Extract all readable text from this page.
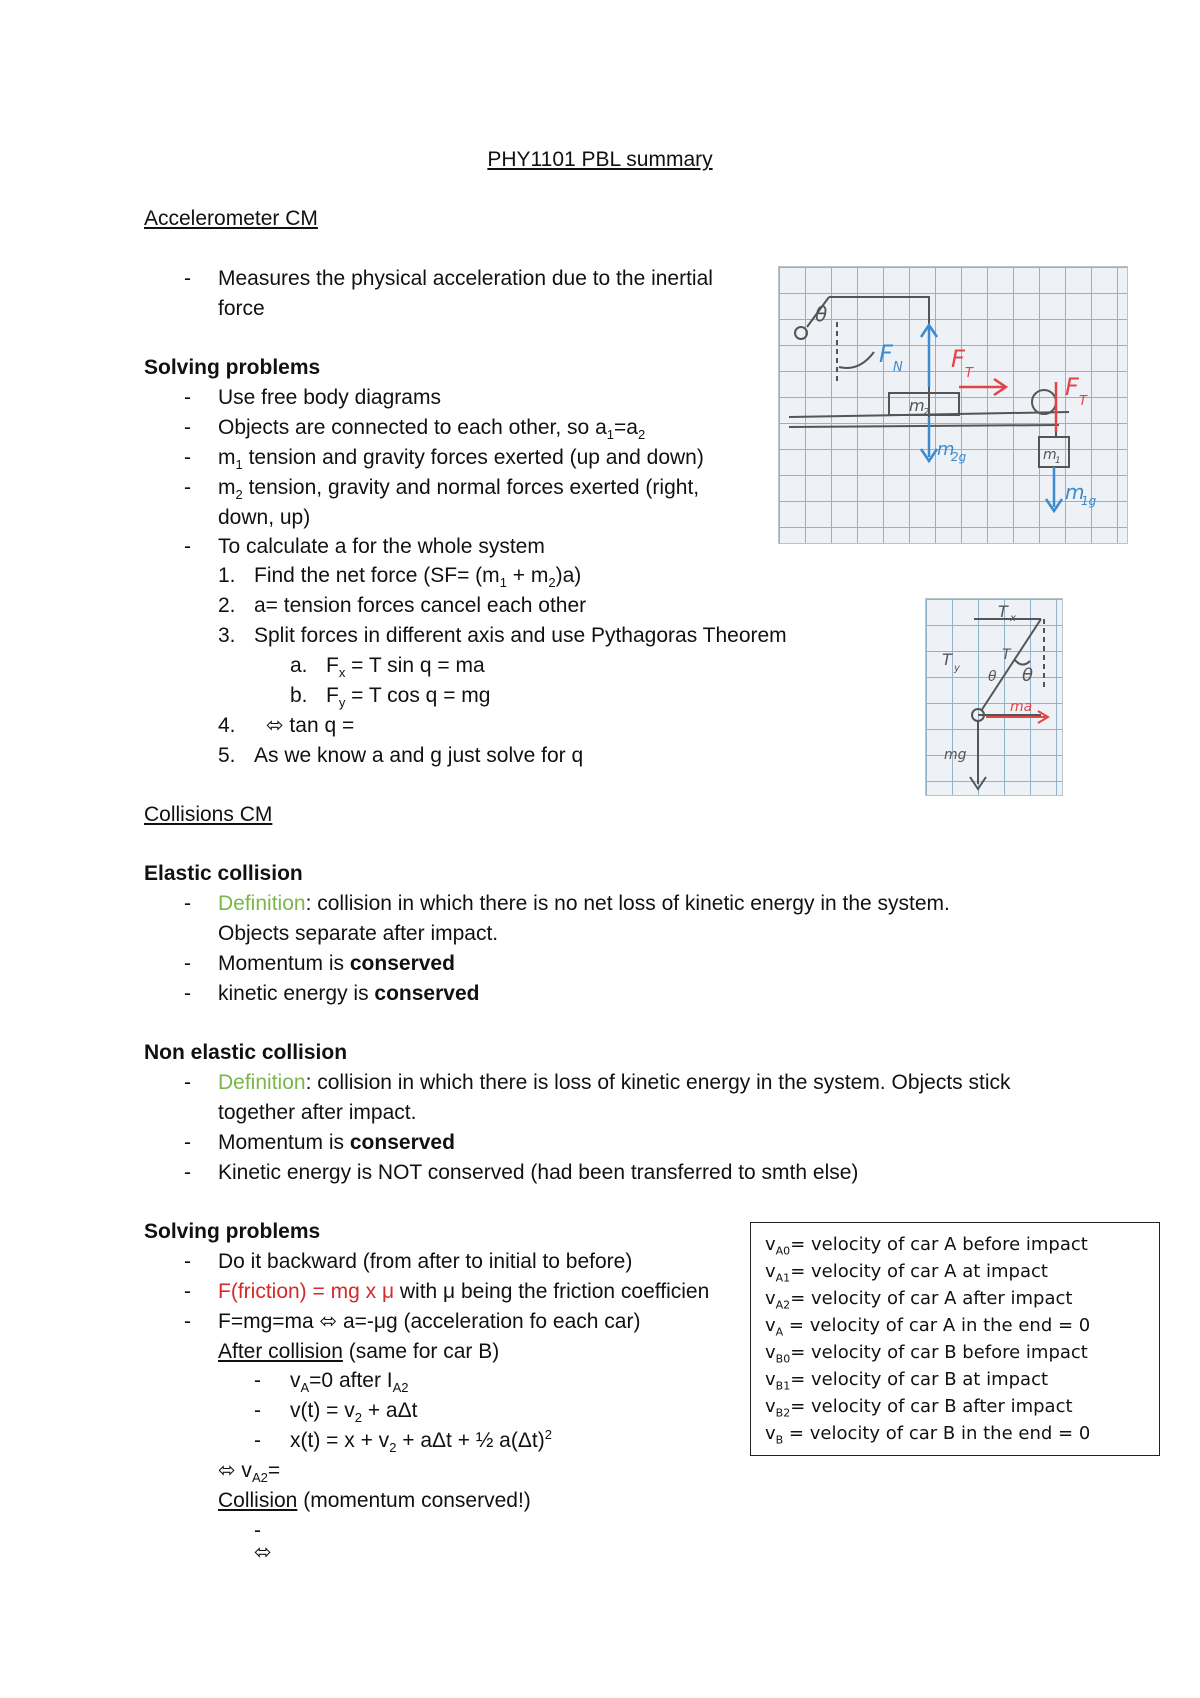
PHY1101 PBL summary
Accelerometer CM
-	Measures the physical acceleration due to the inertial
force
Solving problems
-	Use free body diagrams
-	Objects are connected to each other, so $a_1=a_2$
-	$m_1$ tension and gravity forces exerted (up and down)
-	$m_2$ tension, gravity and normal forces exerted (right,
down, up)
-	To calculate a for the whole system
1. Find the net force $(SF= (m_1 + m_2)a)$
2. a= tension forces cancel each other
3. Split forces in different axis and use Pythagoras Theorem
a. $F_x = T$ sin q = ma
b. $F_y = T$ cos q = mg
4. ⬄ tan q =
5. As we know a and g just solve for q
Collisions CM
Elastic collision
-	Definition: collision in which there is no net loss of kinetic energy in the system.
Objects separate after impact.
-	Momentum is conserved
-	kinetic energy is conserved
Non elastic collision
-	Definition: collision in which there is loss of kinetic energy in the system. Objects stick
together after impact.
-	Momentum is conserved
-	Kinetic energy is NOT conserved (had been transferred to smth else)
Solving problems
-	Do it backward (from after to initial to before)
-	F(friction) = mg x μ with μ being the friction coefficien
-	F=mg=ma ⬄ a=-μg (acceleration fo each car)
After collision (same for car B)
-	$v_A=0$ after $I_{A2}$
-	$v(t) = v_2 + a\Delta t$
-	$x(t) = x + v_2 + a\Delta t$ + ½ $a(\Delta t)^2$
⬄ $v_{A2}=$
Collision (momentum conserved!)
-
⬄
$v_{A0}=$ velocity of car A before impact
$v_{A1}=$ velocity of car A at impact
$v_{A2}=$ velocity of car A after impact
$v_A$ = velocity of car A in the end = 0
$v_{B0}=$ velocity of car B before impact
$v_{B1}=$ velocity of car B at impact
$v_{B2}=$ velocity of car B after impact
$v_B$ = velocity of car B in the end = 0
θ
F N F
T	F
T
m
2
m
1
m
2g
m
1g
T x
T y
T
θ θ
ma
mg
